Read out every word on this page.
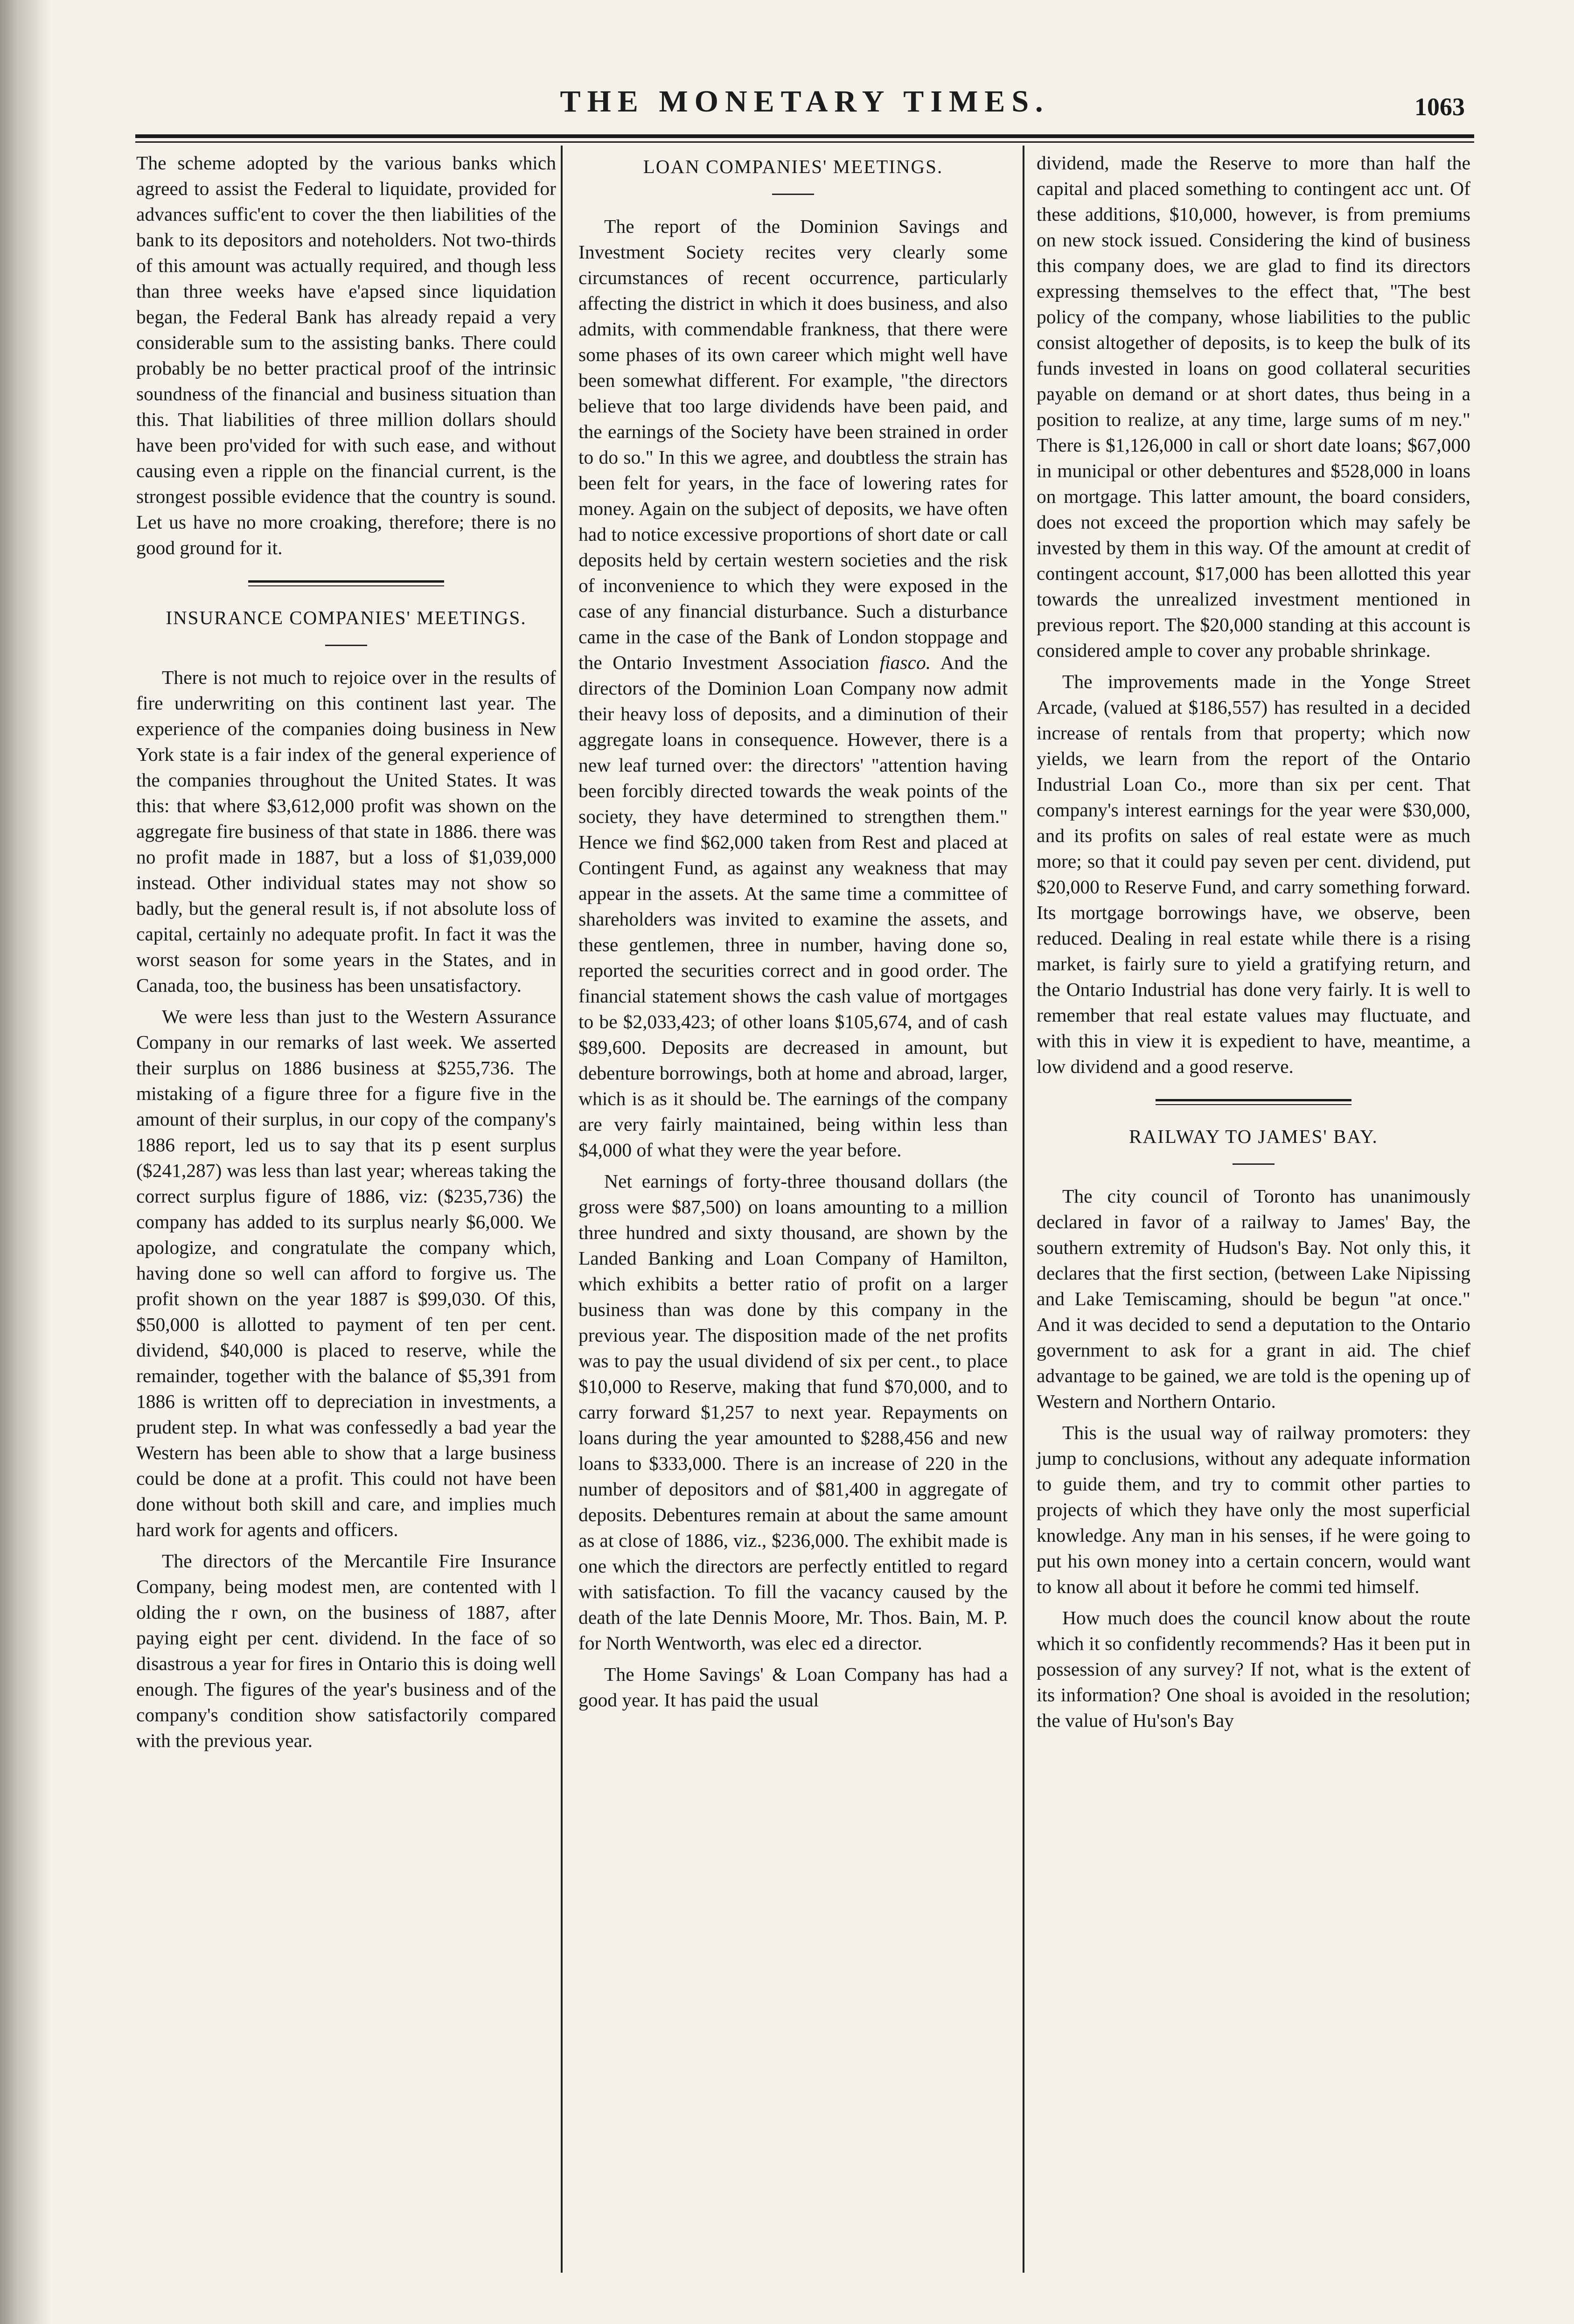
THE MONETARY TIMES.	1063

The scheme adopted by the various banks which agreed to assist the Federal to liquidate, provided for advances suffic'ent to cover the then liabilities of the bank to its depositors and noteholders. Not two-thirds of this amount was actually required, and though less than three weeks have e'apsed since liquidation began, the Federal Bank has already repaid a very considerable sum to the assisting banks. There could probably be no better practical proof of the intrinsic soundness of the financial and business situation than this. That liabilities of three million dollars should have been pro'vided for with such ease, and without causing even a ripple on the financial current, is the strongest possible evidence that the country is sound. Let us have no more croaking, therefore; there is no good ground for it.

INSURANCE COMPANIES' MEETINGS.

There is not much to rejoice over in the results of fire underwriting on this continent last year. The experience of the companies doing business in New York state is a fair index of the general experience of the companies throughout the United States. It was this: that where $3,612,000 profit was shown on the aggregate fire business of that state in 1886. there was no profit made in 1887, but a loss of $1,039,000 instead. Other individual states may not show so badly, but the general result is, if not absolute loss of capital, certainly no adequate profit. In fact it was the worst season for some years in the States, and in Canada, too, the business has been unsatisfactory.

We were less than just to the Western Assurance Company in our remarks of last week. We asserted their surplus on 1886 business at $255,736. The mistaking of a figure three for a figure five in the amount of their surplus, in our copy of the company's 1886 report, led us to say that its p esent surplus ($241,287) was less than last year; whereas taking the correct surplus figure of 1886, viz: ($235,736) the company has added to its surplus nearly $6,000. We apologize, and congratulate the company which, having done so well can afford to forgive us. The profit shown on the year 1887 is $99,030. Of this, $50,000 is allotted to payment of ten per cent. dividend, $40,000 is placed to reserve, while the remainder, together with the balance of $5,391 from 1886 is written off to depreciation in investments, a prudent step. In what was confessedly a bad year the Western has been able to show that a large business could be done at a profit. This could not have been done without both skill and care, and implies much hard work for agents and officers.

The directors of the Mercantile Fire Insurance Company, being modest men, are contented with l olding the r own, on the business of 1887, after paying eight per cent. dividend. In the face of so disastrous a year for fires in Ontario this is doing well enough. The figures of the year's business and of the company's condition show satisfactorily compared with the previous year.

LOAN COMPANIES' MEETINGS.

The report of the Dominion Savings and Investment Society recites very clearly some circumstances of recent occurrence, particularly affecting the district in which it does business, and also admits, with commendable frankness, that there were some phases of its own career which might well have been somewhat different. For example, "the directors believe that too large dividends have been paid, and the earnings of the Society have been strained in order to do so." In this we agree, and doubtless the strain has been felt for years, in the face of lowering rates for money. Again on the subject of deposits, we have often had to notice excessive proportions of short date or call deposits held by certain western societies and the risk of inconvenience to which they were exposed in the case of any financial disturbance. Such a disturbance came in the case of the Bank of London stoppage and the Ontario Investment Association fiasco. And the directors of the Dominion Loan Company now admit their heavy loss of deposits, and a diminution of their aggregate loans in consequence. However, there is a new leaf turned over: the directors' "attention having been forcibly directed towards the weak points of the society, they have determined to strengthen them." Hence we find $62,000 taken from Rest and placed at Contingent Fund, as against any weakness that may appear in the assets. At the same time a committee of shareholders was invited to examine the assets, and these gentlemen, three in number, having done so, reported the securities correct and in good order. The financial statement shows the cash value of mortgages to be $2,033,423; of other loans $105,674, and of cash $89,600. Deposits are decreased in amount, but debenture borrowings, both at home and abroad, larger, which is as it should be. The earnings of the company are very fairly maintained, being within less than $4,000 of what they were the year before.

Net earnings of forty-three thousand dollars (the gross were $87,500) on loans amounting to a million three hundred and sixty thousand, are shown by the Landed Banking and Loan Company of Hamilton, which exhibits a better ratio of profit on a larger business than was done by this company in the previous year. The disposition made of the net profits was to pay the usual dividend of six per cent., to place $10,000 to Reserve, making that fund $70,000, and to carry forward $1,257 to next year. Repayments on loans during the year amounted to $288,456 and new loans to $333,000. There is an increase of 220 in the number of depositors and of $81,400 in aggregate of deposits. Debentures remain at about the same amount as at close of 1886, viz., $236,000. The exhibit made is one which the directors are perfectly entitled to regard with satisfaction. To fill the vacancy caused by the death of the late Dennis Moore, Mr. Thos. Bain, M. P. for North Wentworth, was elec ed a director.

The Home Savings' & Loan Company has had a good year. It has paid the usual

dividend, made the Reserve to more than half the capital and placed something to contingent acc unt. Of these additions, $10,000, however, is from premiums on new stock issued. Considering the kind of business this company does, we are glad to find its directors expressing themselves to the effect that, "The best policy of the company, whose liabilities to the public consist altogether of deposits, is to keep the bulk of its funds invested in loans on good collateral securities payable on demand or at short dates, thus being in a position to realize, at any time, large sums of m ney." There is $1,126,000 in call or short date loans; $67,000 in municipal or other debentures and $528,000 in loans on mortgage. This latter amount, the board considers, does not exceed the proportion which may safely be invested by them in this way. Of the amount at credit of contingent account, $17,000 has been allotted this year towards the unrealized investment mentioned in previous report. The $20,000 standing at this account is considered ample to cover any probable shrinkage.

The improvements made in the Yonge Street Arcade, (valued at $186,557) has resulted in a decided increase of rentals from that property; which now yields, we learn from the report of the Ontario Industrial Loan Co., more than six per cent. That company's interest earnings for the year were $30,000, and its profits on sales of real estate were as much more; so that it could pay seven per cent. dividend, put $20,000 to Reserve Fund, and carry something forward. Its mortgage borrowings have, we observe, been reduced. Dealing in real estate while there is a rising market, is fairly sure to yield a gratifying return, and the Ontario Industrial has done very fairly. It is well to remember that real estate values may fluctuate, and with this in view it is expedient to have, meantime, a low dividend and a good reserve.

RAILWAY TO JAMES' BAY.

The city council of Toronto has unanimously declared in favor of a railway to James' Bay, the southern extremity of Hudson's Bay. Not only this, it declares that the first section, (between Lake Nipissing and Lake Temiscaming, should be begun "at once." And it was decided to send a deputation to the Ontario government to ask for a grant in aid. The chief advantage to be gained, we are told is the opening up of Western and Northern Ontario.

This is the usual way of railway promoters: they jump to conclusions, without any adequate information to guide them, and try to commit other parties to projects of which they have only the most superficial knowledge. Any man in his senses, if he were going to put his own money into a certain concern, would want to know all about it before he commi ted himself.

How much does the council know about the route which it so confidently recommends? Has it been put in possession of any survey? If not, what is the extent of its information? One shoal is avoided in the resolution; the value of Hu'son's Bay
